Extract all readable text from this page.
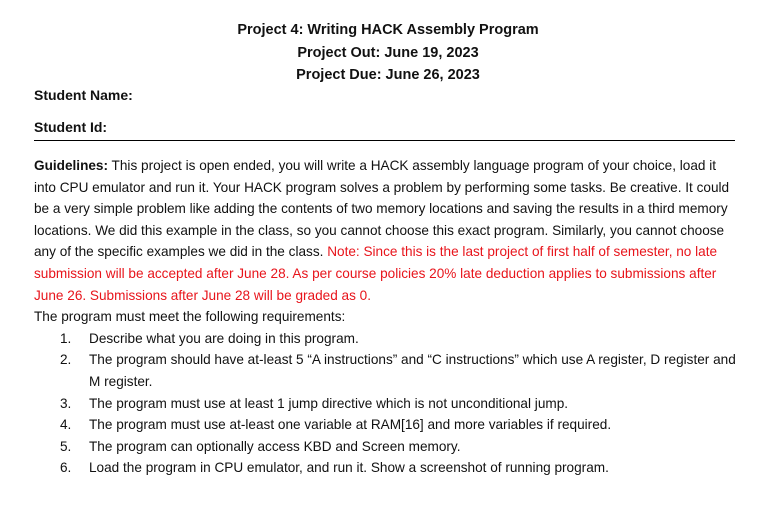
Project 4: Writing HACK Assembly Program
Project Out: June 19, 2023
Project Due: June 26, 2023
Student Name:
Student Id:

Guidelines: This project is open ended, you will write a HACK assembly language program of your choice, load it into CPU emulator and run it. Your HACK program solves a problem by performing some tasks. Be creative. It could be a very simple problem like adding the contents of two memory locations and saving the results in a third memory locations. We did this example in the class, so you cannot choose this exact program. Similarly, you cannot choose any of the specific examples we did in the class. Note: Since this is the last project of first half of semester, no late submission will be accepted after June 28. As per course policies 20% late deduction applies to submissions after June 26. Submissions after June 28 will be graded as 0.

The program must meet the following requirements:

1. Describe what you are doing in this program.
2. The program should have at-least 5 “A instructions” and “C instructions” which use A register, D register and M register.
3. The program must use at least 1 jump directive which is not unconditional jump.
4. The program must use at-least one variable at RAM[16] and more variables if required.
5. The program can optionally access KBD and Screen memory.
6. Load the program in CPU emulator, and run it. Show a screenshot of running program.
